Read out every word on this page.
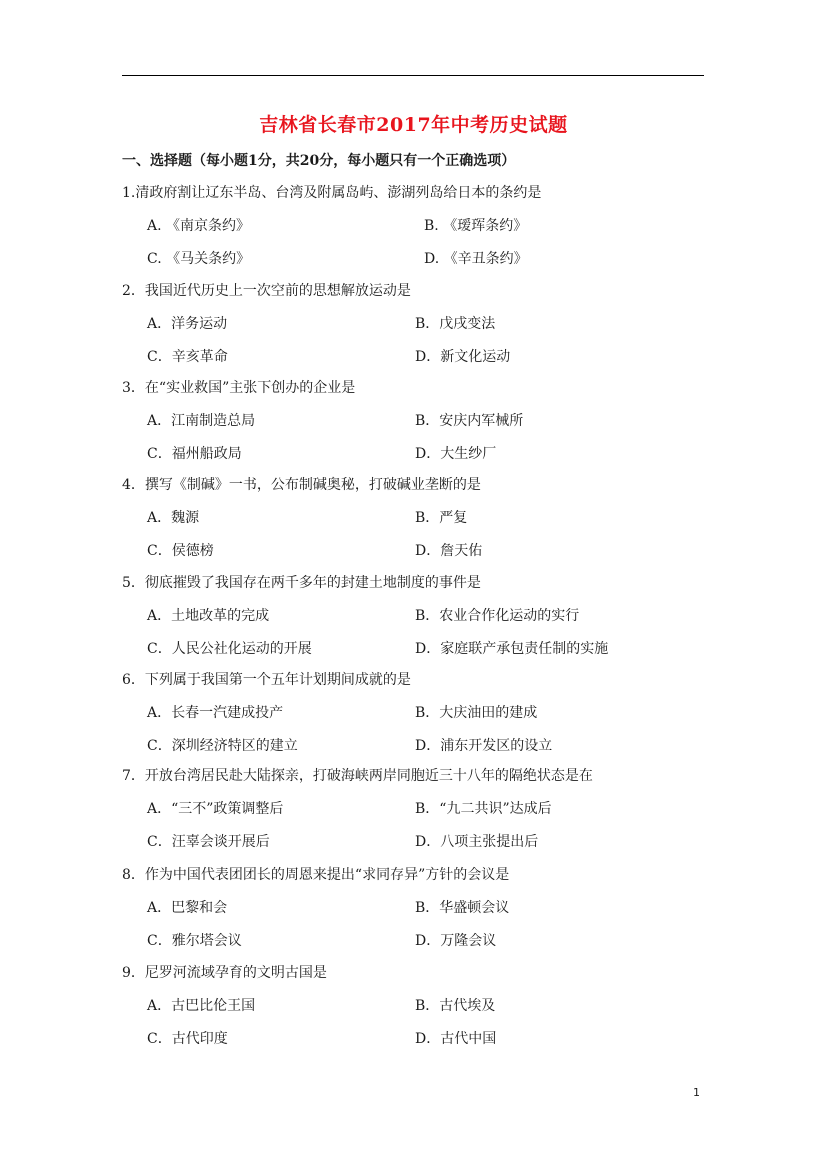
吉林省长春市2017年中考历史试题
一、选择题（每小题1分，共20分，每小题只有一个正确选项）
1.清政府割让辽东半岛、台湾及附属岛屿、澎湖列岛给日本的条约是
A. 《南京条约》	B. 《瑷珲条约》
C. 《马关条约》	D. 《辛丑条约》
2．我国近代历史上一次空前的思想解放运动是
A．洋务运动	B．戊戌变法
C．辛亥革命	D．新文化运动
3．在“实业救国”主张下创办的企业是
A．江南制造总局	B．安庆内军械所
C．福州船政局	D．大生纱厂
4．撰写《制碱》一书，公布制碱奥秘，打破碱业垄断的是
A．魏源	B．严复
C．侯德榜	D．詹天佑
5．彻底摧毁了我国存在两千多年的封建土地制度的事件是
A．土地改革的完成	B．农业合作化运动的实行
C．人民公社化运动的开展	D．家庭联产承包责任制的实施
6．下列属于我国第一个五年计划期间成就的是
A．长春一汽建成投产	B．大庆油田的建成
C．深圳经济特区的建立	D．浦东开发区的设立
7．开放台湾居民赴大陆探亲，打破海峡两岸同胞近三十八年的隔绝状态是在
A．“三不”政策调整后	B．“九二共识”达成后
C．汪辜会谈开展后	D．八项主张提出后
8．作为中国代表团团长的周恩来提出“求同存异”方针的会议是
A．巴黎和会	B．华盛顿会议
C．雅尔塔会议	D．万隆会议
9．尼罗河流域孕育的文明古国是
A．古巴比伦王国	B．古代埃及
C．古代印度	D．古代中国
1
